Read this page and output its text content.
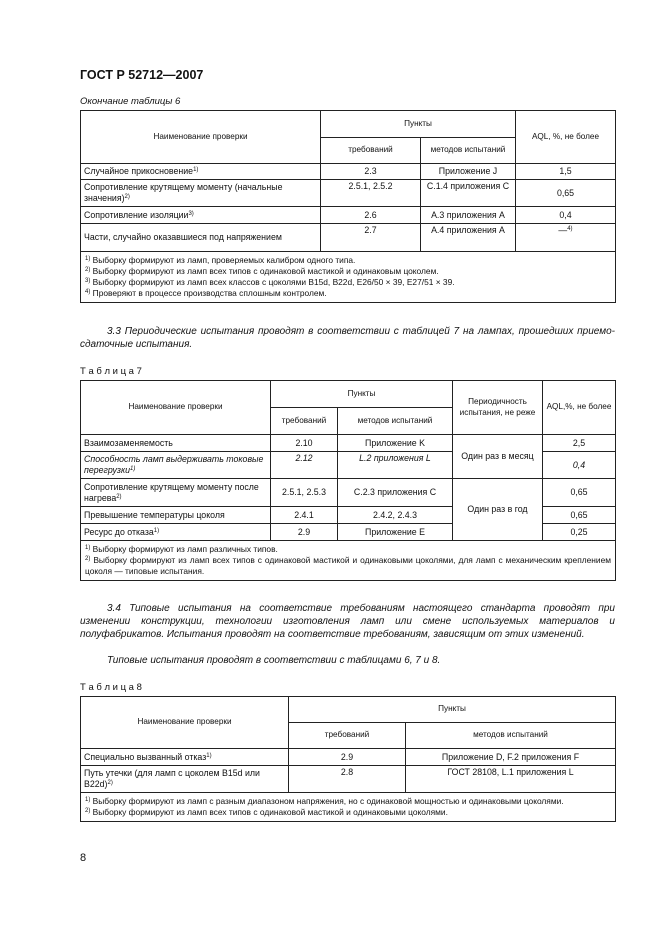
ГОСТ Р 52712—2007
Окончание таблицы 6
Наименование проверки	Пункты		AQL, %, не более
	требований	методов испытаний	
Случайное прикосновение$^{1)}$	2.3	Приложение J	1,5
Сопротивление крутящему моменту (начальные значения)$^{2)}$	2.5.1, 2.5.2	С.1.4 приложения С	0,65
Сопротивление изоляции$^{3)}$	2.6	А.3 приложения А	0,4
Части, случайно оказавшиеся под напряжением	2.7	А.4 приложения А	—$^{4)}$

$^{1)}$ Выборку формируют из ламп, проверяемых калибром одного типа.
$^{2)}$ Выборку формируют из ламп всех типов с одинаковой мастикой и одинаковым цоколем.
$^{3)}$ Выборку формируют из ламп всех классов с цоколями B15d, B22d, E26/50 × 39, E27/51 × 39.
$^{4)}$ Проверяют в процессе производства сплошным контролем.			
3.3 Периодические испытания проводят в соответствии с таблицей 7 на лампах, прошедших приемо-сдаточные испытания.
Т а б л и ц а 7
Наименование проверки	Пункты		Периодичность испытания, не реже	AQL,%, не более
	требований	методов испытаний		
Взаимозаменяемость	2.10	Приложение K	Один раз в месяц	2,5
Способность ламп выдерживать токовые перегрузки$^{1)}$	2.12	L.2 приложения L		0,4
Сопротивление крутящему моменту после нагрева$^{2)}$	2.5.1, 2.5.3	С.2.3 приложения С	Один раз в год	0,65
Превышение температуры цоколя	2.4.1	2.4.2, 2.4.3		0,65
Ресурс до отказа$^{1)}$	2.9	Приложение E		0,25

$^{1)}$ Выборку формируют из ламп различных типов.
$^{2)}$ Выборку формируют из ламп всех типов с одинаковой мастикой и одинаковыми цоколями, для ламп с механическим креплением цоколя — типовые испытания.				
3.4 Типовые испытания на соответствие требованиям настоящего стандарта проводят при изменении конструкции, технологии изготовления ламп или смене используемых материалов и полуфабрикатов. Испытания проводят на соответствие требованиям, зависящим от этих изменений.
Типовые испытания проводят в соответствии с таблицами 6, 7 и 8.
Т а б л и ц а 8
Наименование проверки	Пункты	
	требований	методов испытаний
Специально вызванный отказ$^{1)}$	2.9	Приложение D, F.2 приложения F
Путь утечки (для ламп с цоколем B15d или B22d)$^{2)}$	2.8	ГОСТ 28108, L.1 приложения L

$^{1)}$ Выборку формируют из ламп с разным диапазоном напряжения, но с одинаковой мощностью и одинаковыми цоколями.
$^{2)}$ Выборку формируют из ламп всех типов с одинаковой мастикой и одинаковыми цоколями.		
8
